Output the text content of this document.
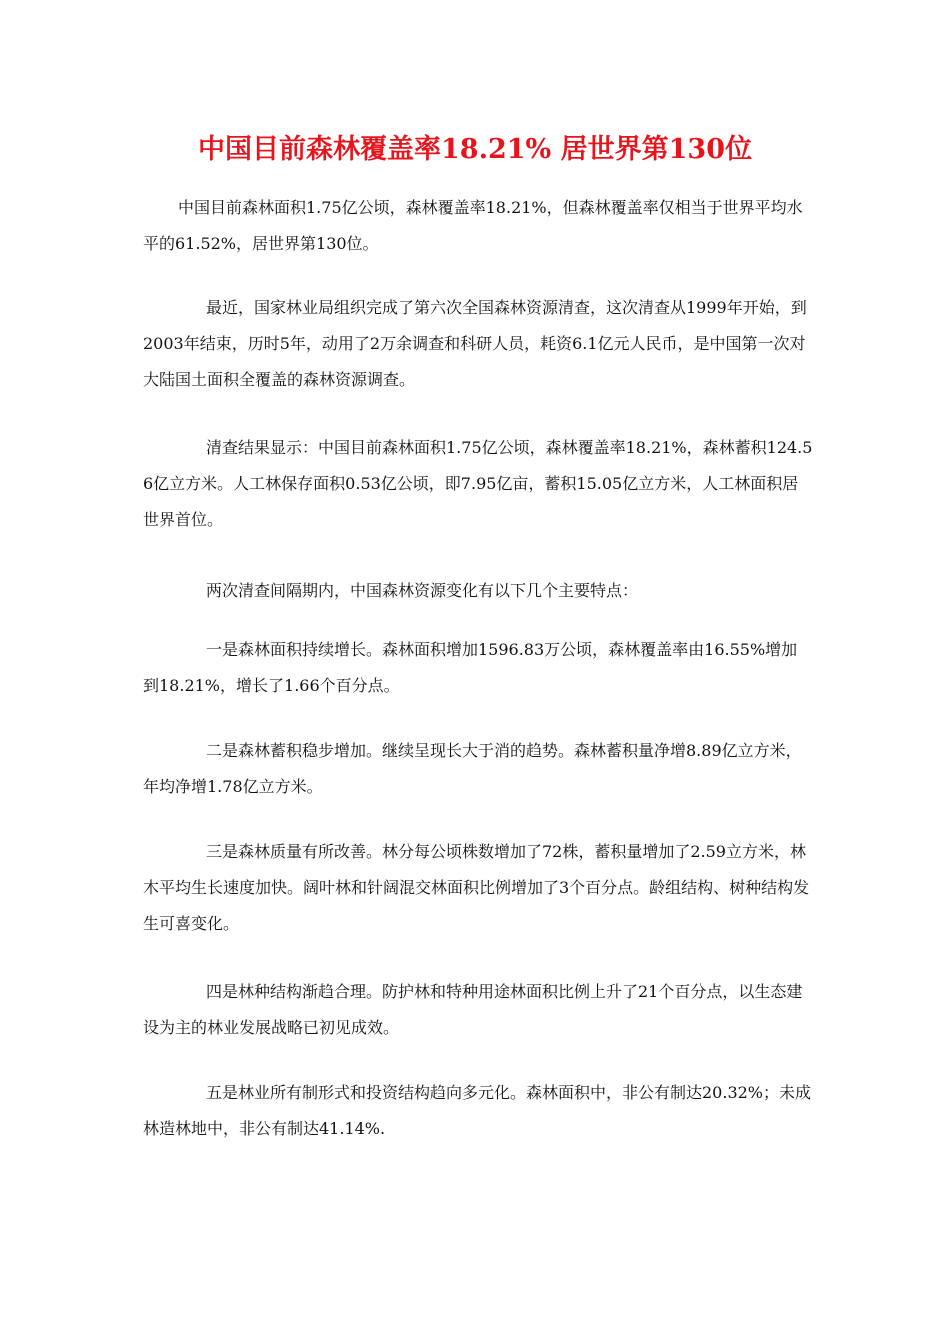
中国目前森林覆盖率18.21% 居世界第130位

中国目前森林面积1.75亿公顷，森林覆盖率18.21%，但森林覆盖率仅相当于世界平均水平的61.52%，居世界第130位。

最近，国家林业局组织完成了第六次全国森林资源清查，这次清查从1999年开始，到2003年结束，历时5年，动用了2万余调查和科研人员，耗资6.1亿元人民币，是中国第一次对大陆国土面积全覆盖的森林资源调查。

清查结果显示：中国目前森林面积1.75亿公顷，森林覆盖率18.21%，森林蓄积124.56亿立方米。人工林保存面积0.53亿公顷，即7.95亿亩，蓄积15.05亿立方米，人工林面积居世界首位。

两次清查间隔期内，中国森林资源变化有以下几个主要特点：

一是森林面积持续增长。森林面积增加1596.83万公顷，森林覆盖率由16.55%增加到18.21%，增长了1.66个百分点。

二是森林蓄积稳步增加。继续呈现长大于消的趋势。森林蓄积量净增8.89亿立方米，年均净增1.78亿立方米。

三是森林质量有所改善。林分每公顷株数增加了72株，蓄积量增加了2.59立方米，林木平均生长速度加快。阔叶林和针阔混交林面积比例增加了3个百分点。龄组结构、树种结构发生可喜变化。

四是林种结构渐趋合理。防护林和特种用途林面积比例上升了21个百分点，以生态建设为主的林业发展战略已初见成效。

五是林业所有制形式和投资结构趋向多元化。森林面积中，非公有制达20.32%；未成林造林地中，非公有制达41.14%.
